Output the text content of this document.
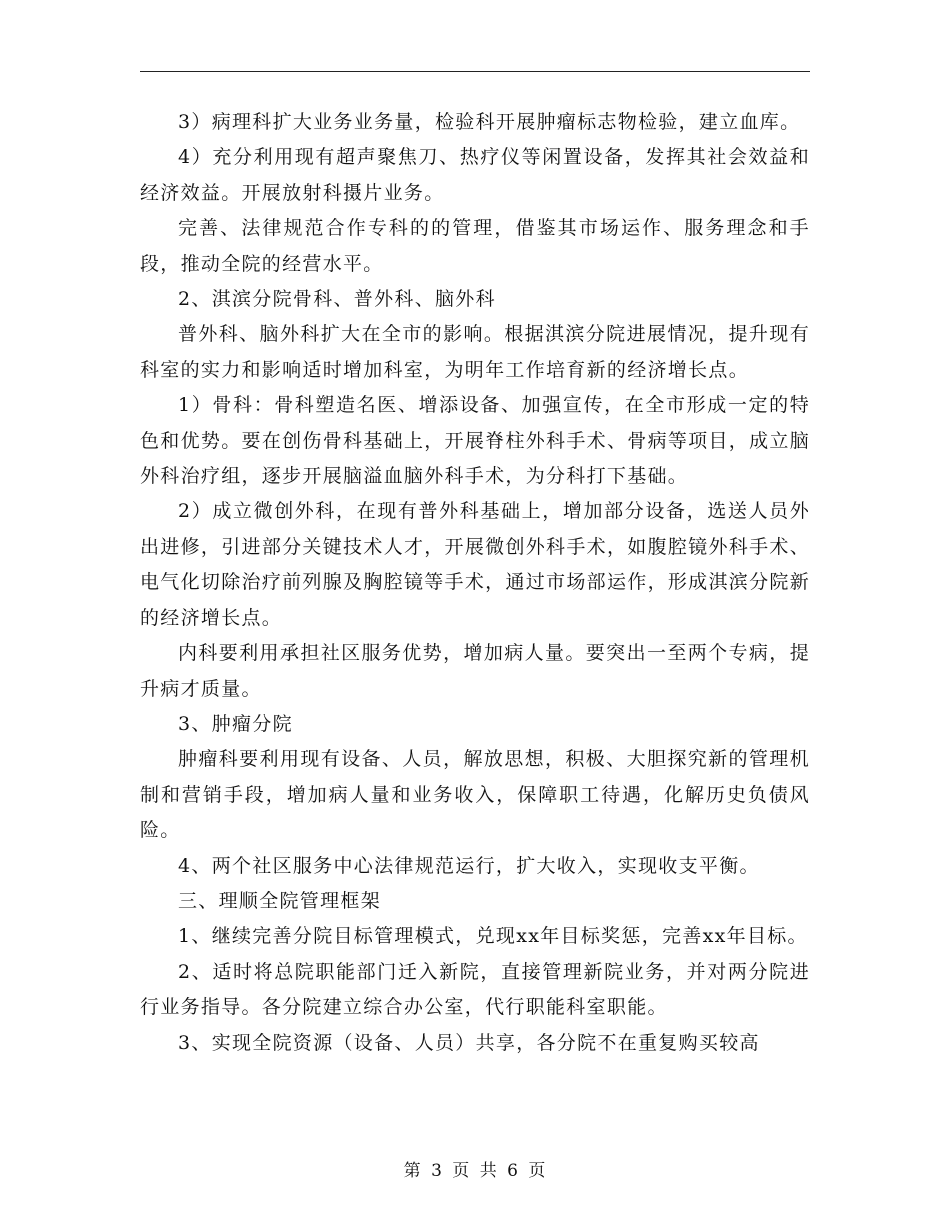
3）病理科扩大业务业务量，检验科开展肿瘤标志物检验，建立血库。

4）充分利用现有超声聚焦刀、热疗仪等闲置设备，发挥其社会效益和经济效益。开展放射科摄片业务。

完善、法律规范合作专科的的管理，借鉴其市场运作、服务理念和手段，推动全院的经营水平。

2、淇滨分院骨科、普外科、脑外科

普外科、脑外科扩大在全市的影响。根据淇滨分院进展情况，提升现有科室的实力和影响适时增加科室，为明年工作培育新的经济增长点。

1）骨科：骨科塑造名医、增添设备、加强宣传，在全市形成一定的特色和优势。要在创伤骨科基础上，开展脊柱外科手术、骨病等项目，成立脑外科治疗组，逐步开展脑溢血脑外科手术，为分科打下基础。

2）成立微创外科，在现有普外科基础上，增加部分设备，选送人员外出进修，引进部分关键技术人才，开展微创外科手术，如腹腔镜外科手术、电气化切除治疗前列腺及胸腔镜等手术，通过市场部运作，形成淇滨分院新的经济增长点。

内科要利用承担社区服务优势，增加病人量。要突出一至两个专病，提升病才质量。

3、肿瘤分院

肿瘤科要利用现有设备、人员，解放思想，积极、大胆探究新的管理机制和营销手段，增加病人量和业务收入，保障职工待遇，化解历史负债风险。

4、两个社区服务中心法律规范运行，扩大收入，实现收支平衡。

三、理顺全院管理框架

1、继续完善分院目标管理模式，兑现xx年目标奖惩，完善xx年目标。

2、适时将总院职能部门迁入新院，直接管理新院业务，并对两分院进行业务指导。各分院建立综合办公室，代行职能科室职能。

3、实现全院资源（设备、人员）共享，各分院不在重复购买较高

第 3 页 共 6 页
